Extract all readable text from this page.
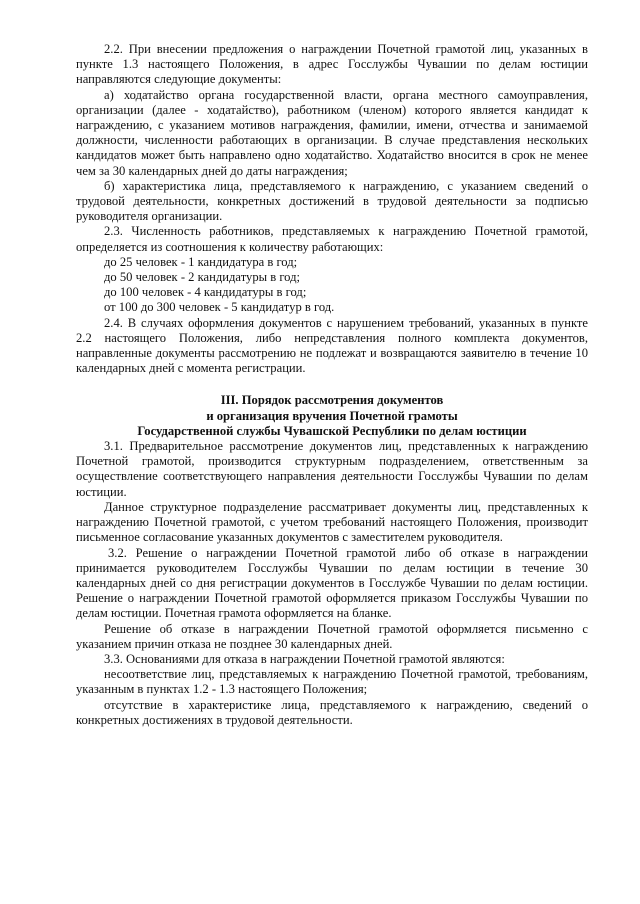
2.2. При внесении предложения о награждении Почетной грамотой лиц, указанных в пункте 1.3 настоящего Положения, в адрес Госслужбы Чувашии по делам юстиции направляются следующие документы:

а) ходатайство органа государственной власти, органа местного самоуправления, организации (далее - ходатайство), работником (членом) которого является кандидат к награждению, с указанием мотивов награждения, фамилии, имени, отчества и занимаемой должности, численности работающих в организации. В случае представления нескольких кандидатов может быть направлено одно ходатайство. Ходатайство вносится в срок не менее чем за 30 календарных дней до даты награждения;

б) характеристика лица, представляемого к награждению, с указанием сведений о трудовой деятельности, конкретных достижений в трудовой деятельности за подписью руководителя организации.

2.3. Численность работников, представляемых к награждению Почетной грамотой, определяется из соотношения к количеству работающих:

до 25 человек - 1 кандидатура в год;

до 50 человек - 2 кандидатуры в год;

до 100 человек - 4 кандидатуры в год;

от 100 до 300 человек - 5 кандидатур в год.

2.4. В случаях оформления документов с нарушением требований, указанных в пункте 2.2 настоящего Положения, либо непредставления полного комплекта документов, направленные документы рассмотрению не подлежат и возвращаются заявителю в течение 10 календарных дней с момента регистрации.

III. Порядок рассмотрения документов
и организация вручения Почетной грамоты
Государственной службы Чувашской Республики по делам юстиции

3.1. Предварительное рассмотрение документов лиц, представленных к награждению Почетной грамотой, производится структурным подразделением, ответственным за осуществление соответствующего направления деятельности Госслужбы Чувашии по делам юстиции.

Данное структурное подразделение рассматривает документы лиц, представленных к награждению Почетной грамотой, с учетом требований настоящего Положения, производит письменное согласование указанных документов с заместителем руководителя.

3.2. Решение о награждении Почетной грамотой либо об отказе в награждении принимается руководителем Госслужбы Чувашии по делам юстиции в течение 30 календарных дней со дня регистрации документов в Госслужбе Чувашии по делам юстиции. Решение о награждении Почетной грамотой оформляется приказом Госслужбы Чувашии по делам юстиции. Почетная грамота оформляется на бланке.

Решение об отказе в награждении Почетной грамотой оформляется письменно с указанием причин отказа не позднее 30 календарных дней.

3.3. Основаниями для отказа в награждении Почетной грамотой являются:

несоответствие лиц, представляемых к награждению Почетной грамотой, требованиям, указанным в пунктах 1.2 - 1.3 настоящего Положения;

отсутствие в характеристике лица, представляемого к награждению, сведений о конкретных достижениях в трудовой деятельности.
